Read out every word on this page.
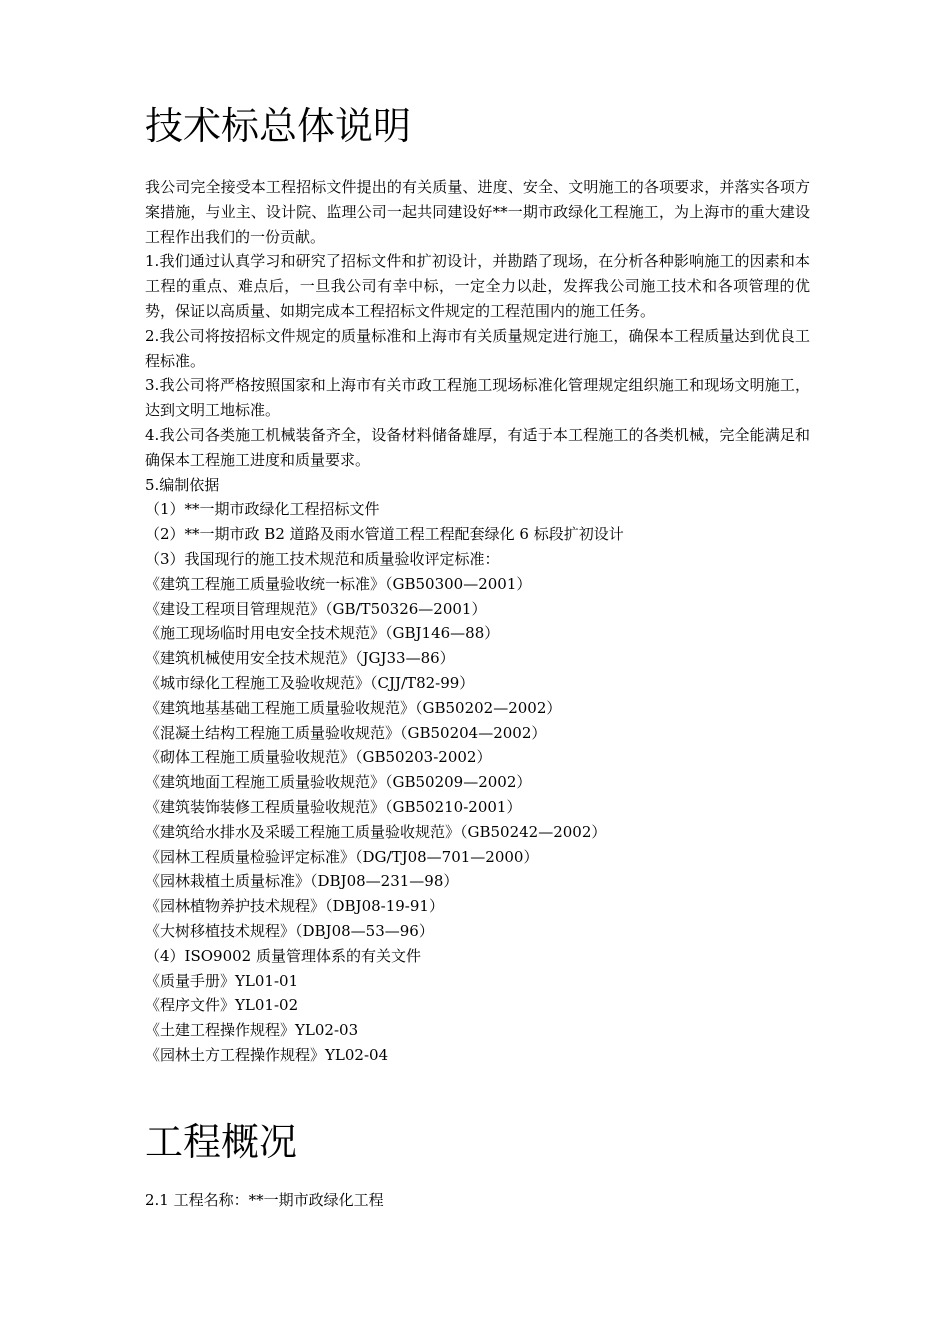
技术标总体说明

我公司完全接受本工程招标文件提出的有关质量、进度、安全、文明施工的各项要求，并落实各项方案措施，与业主、设计院、监理公司一起共同建设好**一期市政绿化工程施工，为上海市的重大建设工程作出我们的一份贡献。

1.我们通过认真学习和研究了招标文件和扩初设计，并勘踏了现场，在分析各种影响施工的因素和本工程的重点、难点后，一旦我公司有幸中标，一定全力以赴，发挥我公司施工技术和各项管理的优势，保证以高质量、如期完成本工程招标文件规定的工程范围内的施工任务。

2.我公司将按招标文件规定的质量标准和上海市有关质量规定进行施工，确保本工程质量达到优良工程标准。

3.我公司将严格按照国家和上海市有关市政工程施工现场标准化管理规定组织施工和现场文明施工，达到文明工地标准。

4.我公司各类施工机械装备齐全，设备材料储备雄厚，有适于本工程施工的各类机械，完全能满足和确保本工程施工进度和质量要求。

5.编制依据

（1）**一期市政绿化工程招标文件

（2）**一期市政 B2 道路及雨水管道工程工程配套绿化 6 标段扩初设计

（3）我国现行的施工技术规范和质量验收评定标准：

《建筑工程施工质量验收统一标准》（GB50300—2001）

《建设工程项目管理规范》（GB/T50326—2001）

《施工现场临时用电安全技术规范》（GBJ146—88）

《建筑机械使用安全技术规范》（JGJ33—86）

《城市绿化工程施工及验收规范》（CJJ/T82-99）

《建筑地基基础工程施工质量验收规范》（GB50202—2002）

《混凝土结构工程施工质量验收规范》（GB50204—2002）

《砌体工程施工质量验收规范》（GB50203-2002）

《建筑地面工程施工质量验收规范》（GB50209—2002）

《建筑装饰装修工程质量验收规范》（GB50210-2001）

《建筑给水排水及采暖工程施工质量验收规范》（GB50242—2002）

《园林工程质量检验评定标准》（DG/TJ08—701—2000）

《园林栽植土质量标准》（DBJ08—231—98）

《园林植物养护技术规程》（DBJ08-19-91）

《大树移植技术规程》（DBJ08—53—96）

（4）ISO9002 质量管理体系的有关文件

《质量手册》YL01-01

《程序文件》YL01-02

《土建工程操作规程》YL02-03

《园林土方工程操作规程》YL02-04

工程概况

2.1 工程名称：**一期市政绿化工程
